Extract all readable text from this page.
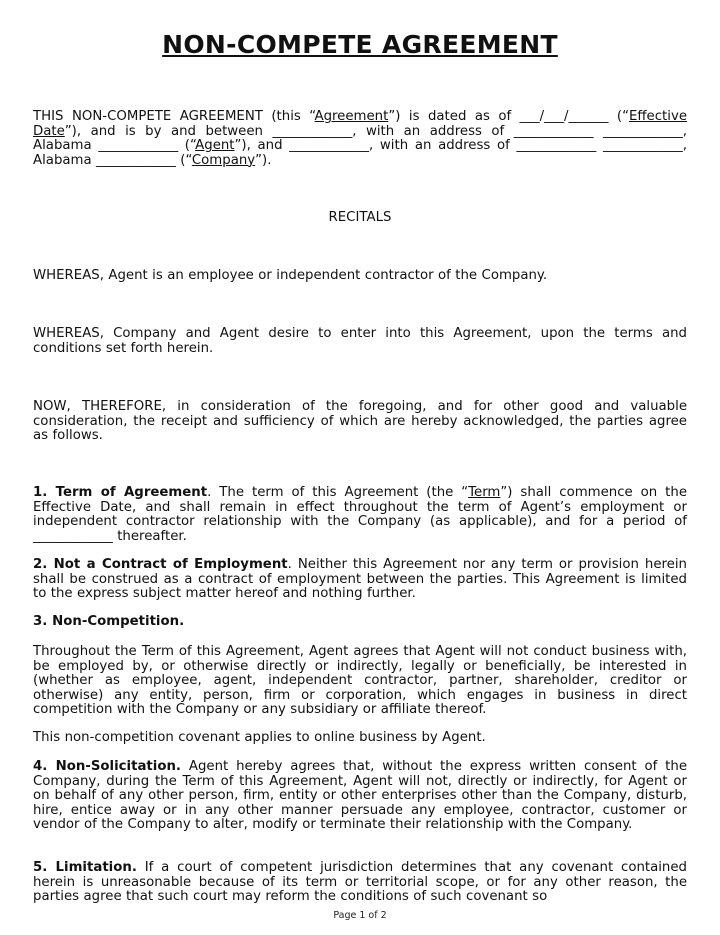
NON-COMPETE AGREEMENT
THIS NON-COMPETE AGREEMENT (this “Agreement”) is dated as of ___/___/______ (“Effective Date”), and is by and between ____________, with an address of ____________ ____________, Alabama ____________ (“Agent”), and ____________, with an address of ____________ ____________, Alabama ____________ (“Company”).
RECITALS
WHEREAS, Agent is an employee or independent contractor of the Company.
WHEREAS, Company and Agent desire to enter into this Agreement, upon the terms and conditions set forth herein.
NOW, THEREFORE, in consideration of the foregoing, and for other good and valuable consideration, the receipt and sufficiency of which are hereby acknowledged, the parties agree as follows.
1. Term of Agreement. The term of this Agreement (the “Term”) shall commence on the Effective Date, and shall remain in effect throughout the term of Agent’s employment or independent contractor relationship with the Company (as applicable), and for a period of ____________ thereafter.
2. Not a Contract of Employment. Neither this Agreement nor any term or provision herein shall be construed as a contract of employment between the parties. This Agreement is limited to the express subject matter hereof and nothing further.
3. Non-Competition.
Throughout the Term of this Agreement, Agent agrees that Agent will not conduct business with, be employed by, or otherwise directly or indirectly, legally or beneficially, be interested in (whether as employee, agent, independent contractor, partner, shareholder, creditor or otherwise) any entity, person, firm or corporation, which engages in business in direct competition with the Company or any subsidiary or affiliate thereof.
This non-competition covenant applies to online business by Agent.
4. Non-Solicitation. Agent hereby agrees that, without the express written consent of the Company, during the Term of this Agreement, Agent will not, directly or indirectly, for Agent or on behalf of any other person, firm, entity or other enterprises other than the Company, disturb, hire, entice away or in any other manner persuade any employee, contractor, customer or vendor of the Company to alter, modify or terminate their relationship with the Company.
5. Limitation. If a court of competent jurisdiction determines that any covenant contained herein is unreasonable because of its term or territorial scope, or for any other reason, the parties agree that such court may reform the conditions of such covenant so
Page 1 of 2
